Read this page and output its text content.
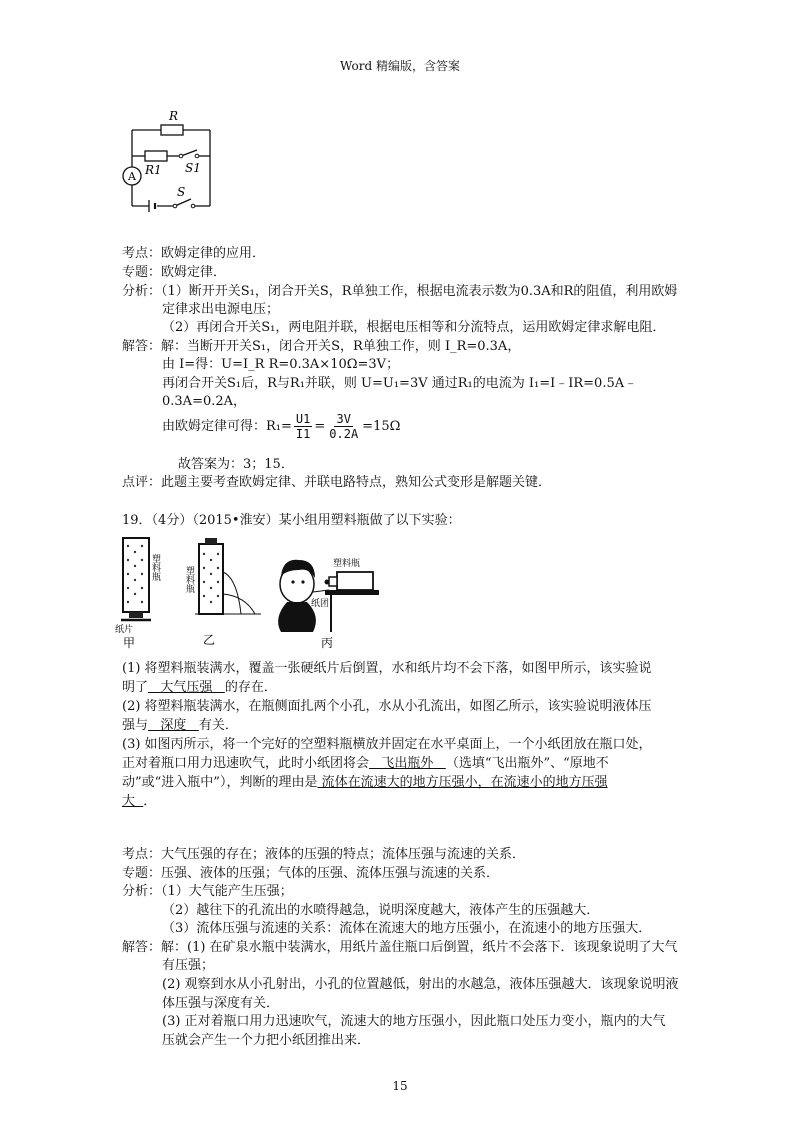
Word 精编版，含答案
A
R
R1 S1
S
考点：欧姆定律的应用．
专题：欧姆定律．
分析：（1）断开开关S₁，闭合开关S，R单独工作，根据电流表示数为0.3A和R的阻值，利用欧姆
定律求出电源电压；
（2）再闭合开关S₁，两电阻并联，根据电压相等和分流特点，运用欧姆定律求解电阻．
解答：解：当断开开关S₁，闭合开关S，R单独工作，则 I_R=0.3A，
由 I=得：U=I_R R=0.3A×10Ω=3V；
再闭合开关S₁后，R与R₁并联，则 U=U₁=3V 通过R₁的电流为 I₁=I﹣IR=0.5A﹣
0.3A=0.2A，
由欧姆定律可得：$R_1= \frac{U1}{I1} = \frac{3V}{0.2A} =15\Omega$
故答案为：3；15．
点评：此题主要考查欧姆定律、并联电路特点，熟知公式变形是解题关键．
19．（4分）（2015•淮安）某小组用塑料瓶做了以下实验：
塑料瓶
纸片
甲
塑料瓶
乙
塑料瓶
纸团
丙
(1) 将塑料瓶装满水，覆盖一张硬纸片后倒置，水和纸片均不会下落，如图甲所示，该实验说
明了   大气压强   的存在．
(2) 将塑料瓶装满水，在瓶侧面扎两个小孔，水从小孔流出，如图乙所示，该实验说明液体压
强与   深度   有关．
(3) 如图丙所示，将一个完好的空塑料瓶横放并固定在水平桌面上，一个小纸团放在瓶口处，
正对着瓶口用力迅速吹气，此时小纸团将会   飞出瓶外   （选填“飞出瓶外”、“原地不
动”或“进入瓶中”），判断的理由是 流体在流速大的地方压强小，在流速小的地方压强
大  ．
考点：大气压强的存在；液体的压强的特点；流体压强与流速的关系．
专题：压强、液体的压强；气体的压强、流体压强与流速的关系．
分析：（1）大气能产生压强；
（2）越往下的孔流出的水喷得越急，说明深度越大，液体产生的压强越大．
（3）流体压强与流速的关系：流体在流速大的地方压强小，在流速小的地方压强大．
解答：解：(1) 在矿泉水瓶中装满水，用纸片盖住瓶口后倒置，纸片不会落下．该现象说明了大气
有压强；
(2) 观察到水从小孔射出，小孔的位置越低，射出的水越急，液体压强越大．该现象说明液
体压强与深度有关．
(3) 正对着瓶口用力迅速吹气，流速大的地方压强小，因此瓶口处压力变小，瓶内的大气
压就会产生一个力把小纸团推出来．
15
